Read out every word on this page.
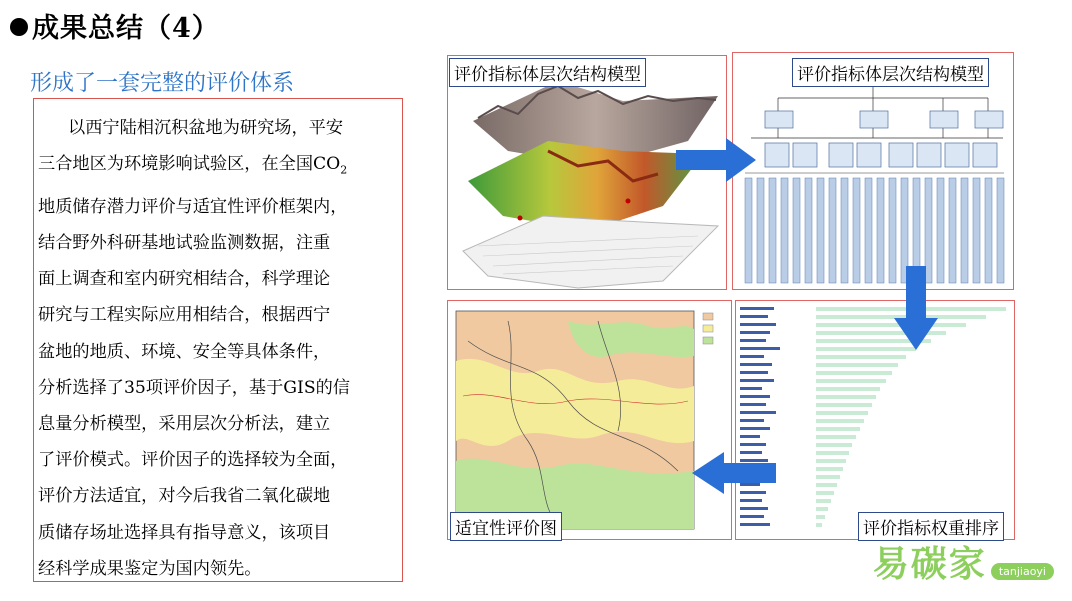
成果总结（4）
形成了一套完整的评价体系
以西宁陆相沉积盆地为研究场，平安
三合地区为环境影响试验区，在全国$CO_2$
地质储存潜力评价与适宜性评价框架内，
结合野外科研基地试验监测数据，注重
面上调查和室内研究相结合，科学理论
研究与工程实际应用相结合，根据西宁
盆地的地质、环境、安全等具体条件，
分析选择了35项评价因子，基于GIS的信
息量分析模型，采用层次分析法，建立
了评价模式。评价因子的选择较为全面，
评价方法适宜，对今后我省二氧化碳地
质储存场址选择具有指导意义，该项目
经科学成果鉴定为国内领先。
评价指标体层次结构模型	评价指标体层次结构模型
适宜性评价图	评价指标权重排序
易碳家 tanjiaoyi
